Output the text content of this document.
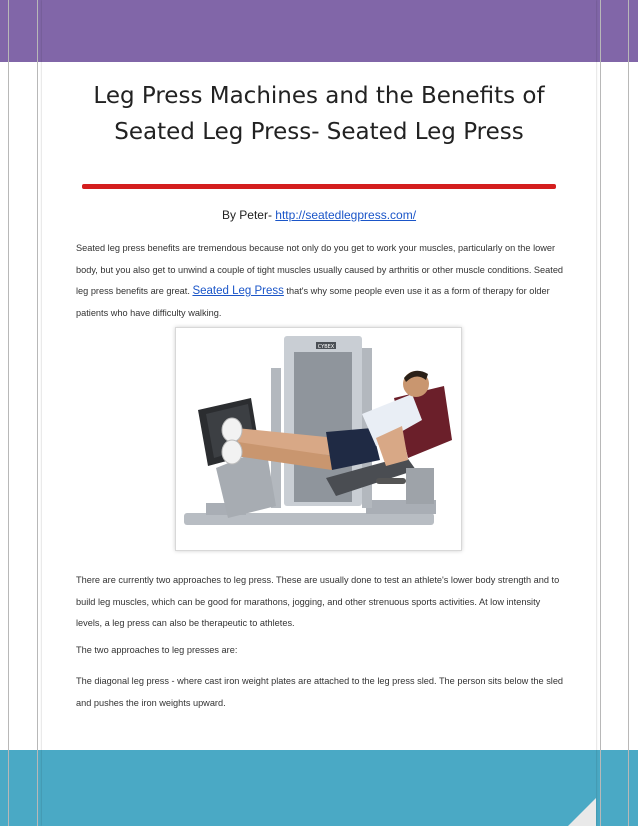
Leg Press Machines and the Benefits of
Seated Leg Press- Seated Leg Press
By Peter- http://seatedlegpress.com/

Seated leg press benefits are tremendous because not only do you get to work your muscles, particularly on the lower body, but you also get to unwind a couple of tight muscles usually caused by arthritis or other muscle conditions. Seated leg press benefits are great. Seated Leg Press that's why some people even use it as a form of therapy for older patients who have difficulty walking.

CYBEX

There are currently two approaches to leg press. These are usually done to test an athlete's lower body strength and to build leg muscles, which can be good for marathons, jogging, and other strenuous sports activities. At low intensity levels, a leg press can also be therapeutic to athletes.

The two approaches to leg presses are:

The diagonal leg press - where cast iron weight plates are attached to the leg press sled. The person sits below the sled and pushes the iron weights upward.
